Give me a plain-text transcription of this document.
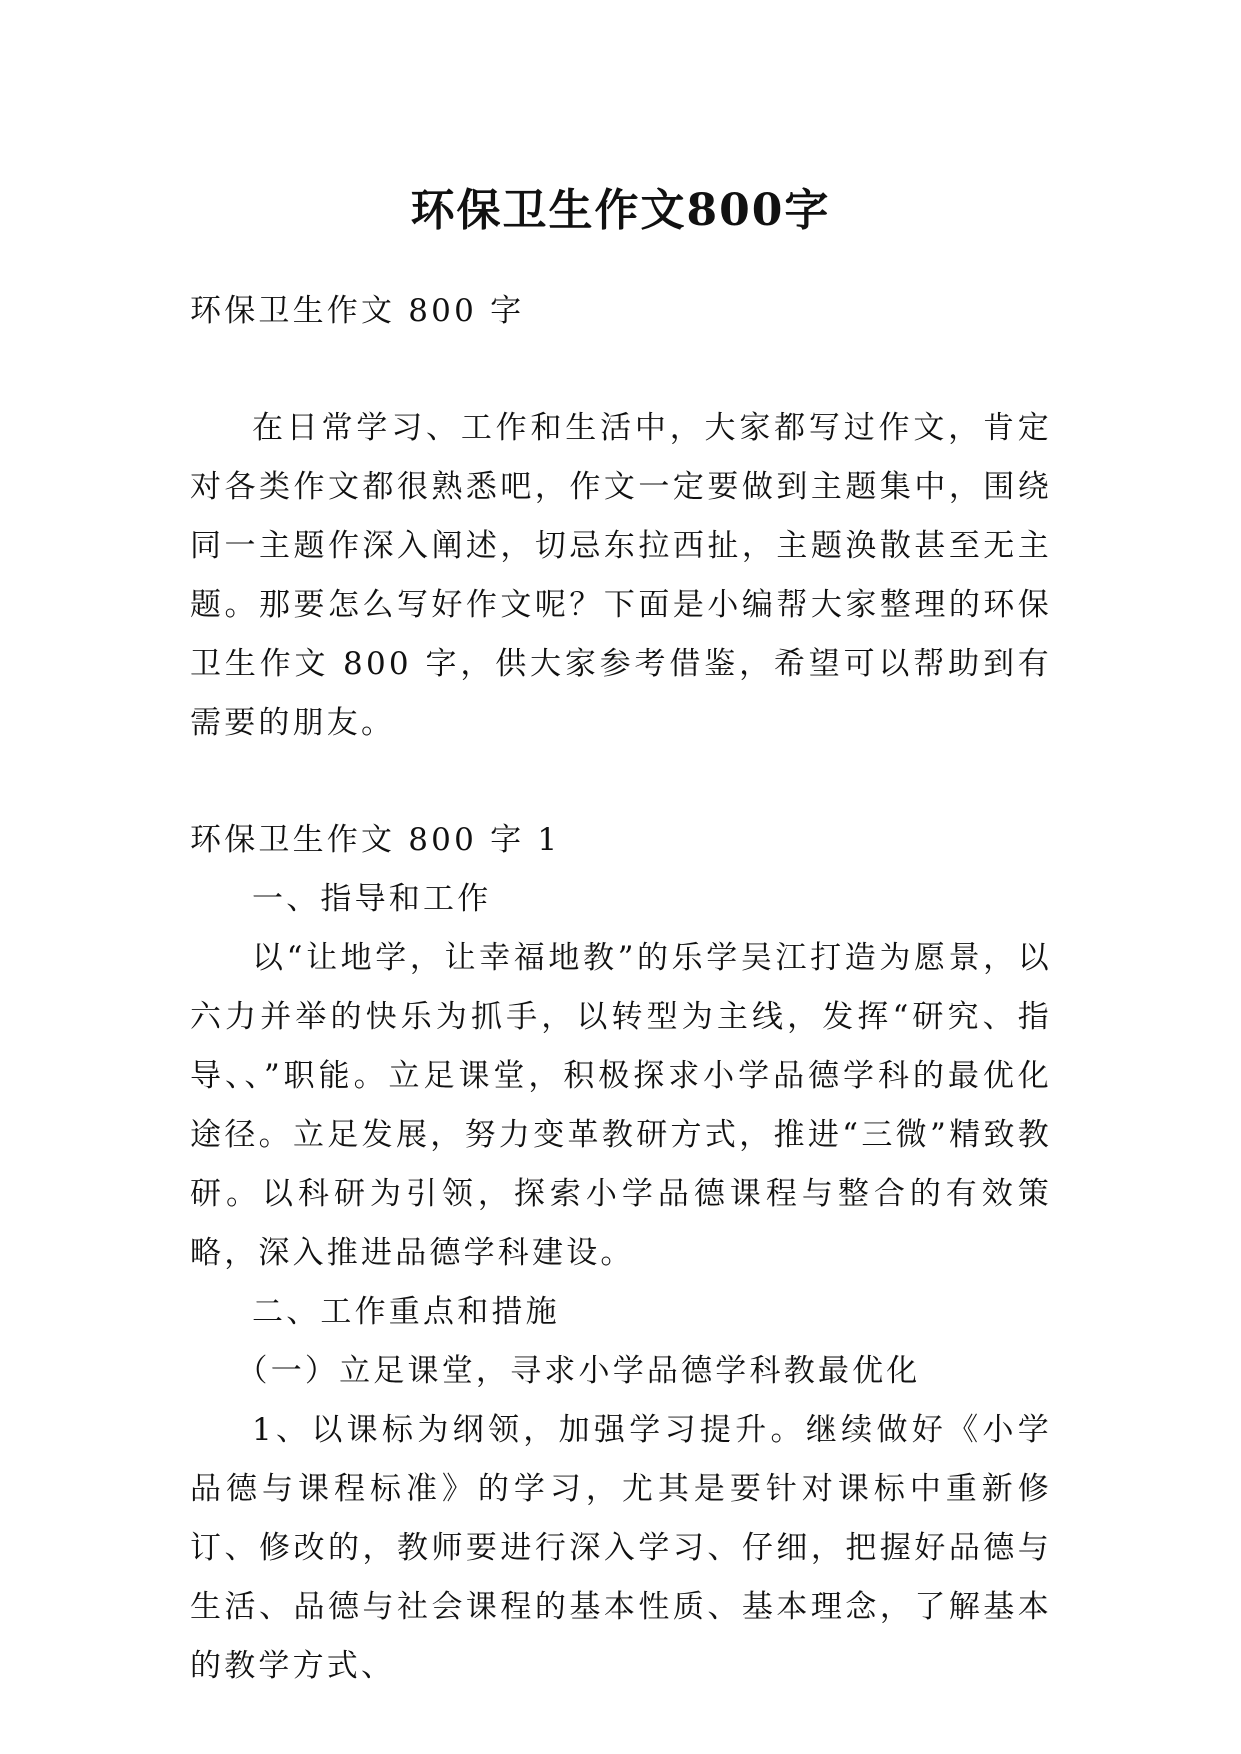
环保卫生作文800字

环保卫生作文 800 字

在日常学习、工作和生活中，大家都写过作文，肯定对各类作文都很熟悉吧，作文一定要做到主题集中，围绕同一主题作深入阐述，切忌东拉西扯，主题涣散甚至无主题。那要怎么写好作文呢？下面是小编帮大家整理的环保卫生作文 800 字，供大家参考借鉴，希望可以帮助到有需要的朋友。

环保卫生作文 800 字 1

一、指导和工作

以“让地学，让幸福地教”的乐学吴江打造为愿景，以六力并举的快乐为抓手，以转型为主线，发挥“研究、指导、、”职能。立足课堂，积极探求小学品德学科的最优化途径。立足发展，努力变革教研方式，推进“三微”精致教研。以科研为引领，探索小学品德课程与整合的有效策略，深入推进品德学科建设。

二、工作重点和措施

（一）立足课堂，寻求小学品德学科教最优化

1、以课标为纲领，加强学习提升。继续做好《小学品德与课程标准》的学习，尤其是要针对课标中重新修订、修改的，教师要进行深入学习、仔细，把握好品德与生活、品德与社会课程的基本性质、基本理念，了解基本的教学方式、
